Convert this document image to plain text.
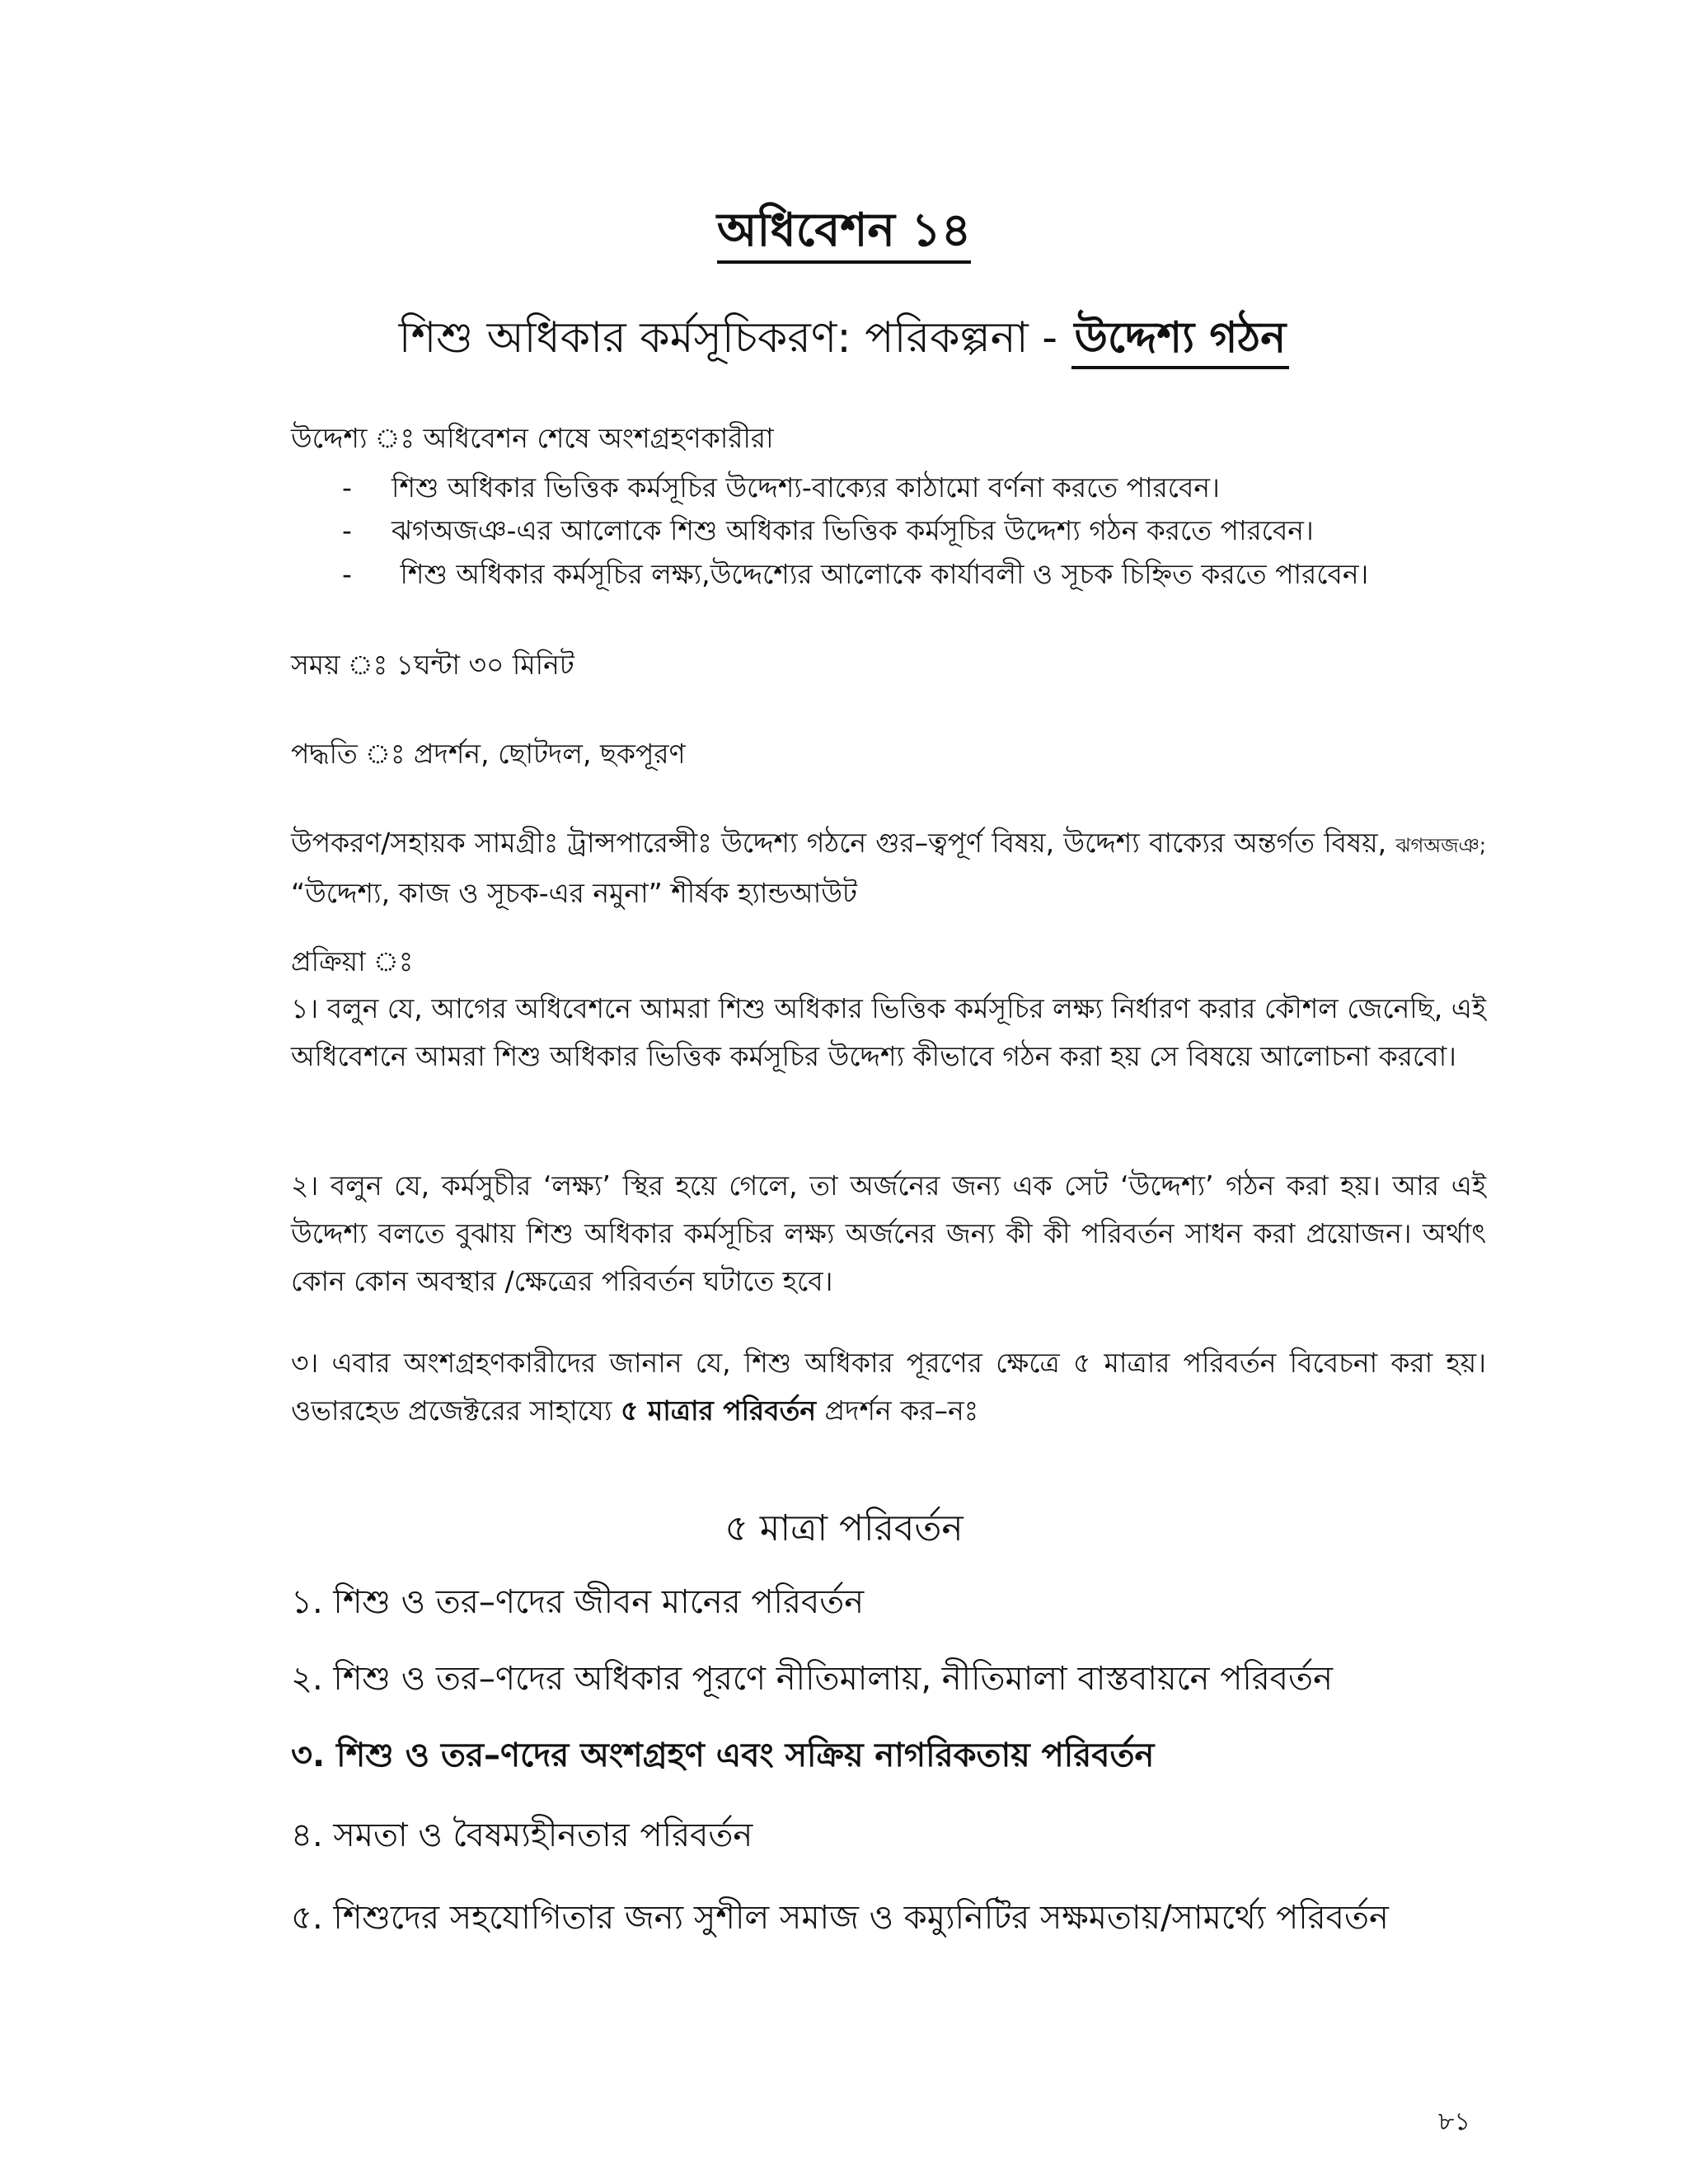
অধিবেশন ১৪
শিশু অধিকার কর্মসূচিকরণ: পরিকল্পনা - উদ্দেশ্য গঠন
উদ্দেশ্য ঃ অধিবেশন শেষে অংশগ্রহণকারীরা
- শিশু অধিকার ভিত্তিক কর্মসূচির উদ্দেশ্য-বাক্যের কাঠামো বর্ণনা করতে পারবেন।
- ঝগঅজঞ-এর আলোকে শিশু অধিকার ভিত্তিক কর্মসূচির উদ্দেশ্য গঠন করতে পারবেন।
- শিশু অধিকার কর্মসূচির লক্ষ্য,উদ্দেশ্যের আলোকে কার্যাবলী ও সূচক চিহ্নিত করতে পারবেন।
সময় ঃ ১ঘন্টা ৩০ মিনিট
পদ্ধতি ঃ প্রদর্শন, ছোটদল, ছকপূরণ
উপকরণ/সহায়ক সামগ্রীঃ ট্রান্সপারেন্সীঃ উদ্দেশ্য গঠনে গুর–ত্বপূর্ণ বিষয়, উদ্দেশ্য বাক্যের অন্তর্গত বিষয়, ঝগঅজঞ; “উদ্দেশ্য, কাজ ও সূচক-এর নমুনা” শীর্ষক হ্যান্ডআউট
প্রক্রিয়া ঃ
১। বলুন যে, আগের অধিবেশনে আমরা শিশু অধিকার ভিত্তিক কর্মসূচির লক্ষ্য নির্ধারণ করার কৌশল জেনেছি, এই অধিবেশনে আমরা শিশু অধিকার ভিত্তিক কর্মসূচির উদ্দেশ্য কীভাবে গঠন করা হয় সে বিষয়ে আলোচনা করবো।
২। বলুন যে, কর্মসুচীর ‘লক্ষ্য’ স্থির হয়ে গেলে, তা অর্জনের জন্য এক সেট ‘উদ্দেশ্য’ গঠন করা হয়। আর এই উদ্দেশ্য বলতে বুঝায় শিশু অধিকার কর্মসূচির লক্ষ্য অর্জনের জন্য কী কী পরিবর্তন সাধন করা প্রয়োজন। অর্থাৎ কোন কোন অবস্থার /ক্ষেত্রের পরিবর্তন ঘটাতে হবে।
৩। এবার অংশগ্রহণকারীদের জানান যে, শিশু অধিকার পূরণের ক্ষেত্রে ৫ মাত্রার পরিবর্তন বিবেচনা করা হয়। ওভারহেড প্রজেক্টরের সাহায্যে ৫ মাত্রার পরিবর্তন প্রদর্শন কর–নঃ
৫ মাত্রা পরিবর্তন
১. শিশু ও তর–ণদের জীবন মানের পরিবর্তন
২. শিশু ও তর–ণদের অধিকার পূরণে নীতিমালায়, নীতিমালা বাস্তবায়নে পরিবর্তন
৩. শিশু ও তর–ণদের অংশগ্রহণ এবং সক্রিয় নাগরিকতায় পরিবর্তন
৪. সমতা ও বৈষম্যহীনতার পরিবর্তন
৫. শিশুদের সহযোগিতার জন্য সুশীল সমাজ ও কম্যুনিটির সক্ষমতায়/সামর্থ্যে পরিবর্তন
৮১
